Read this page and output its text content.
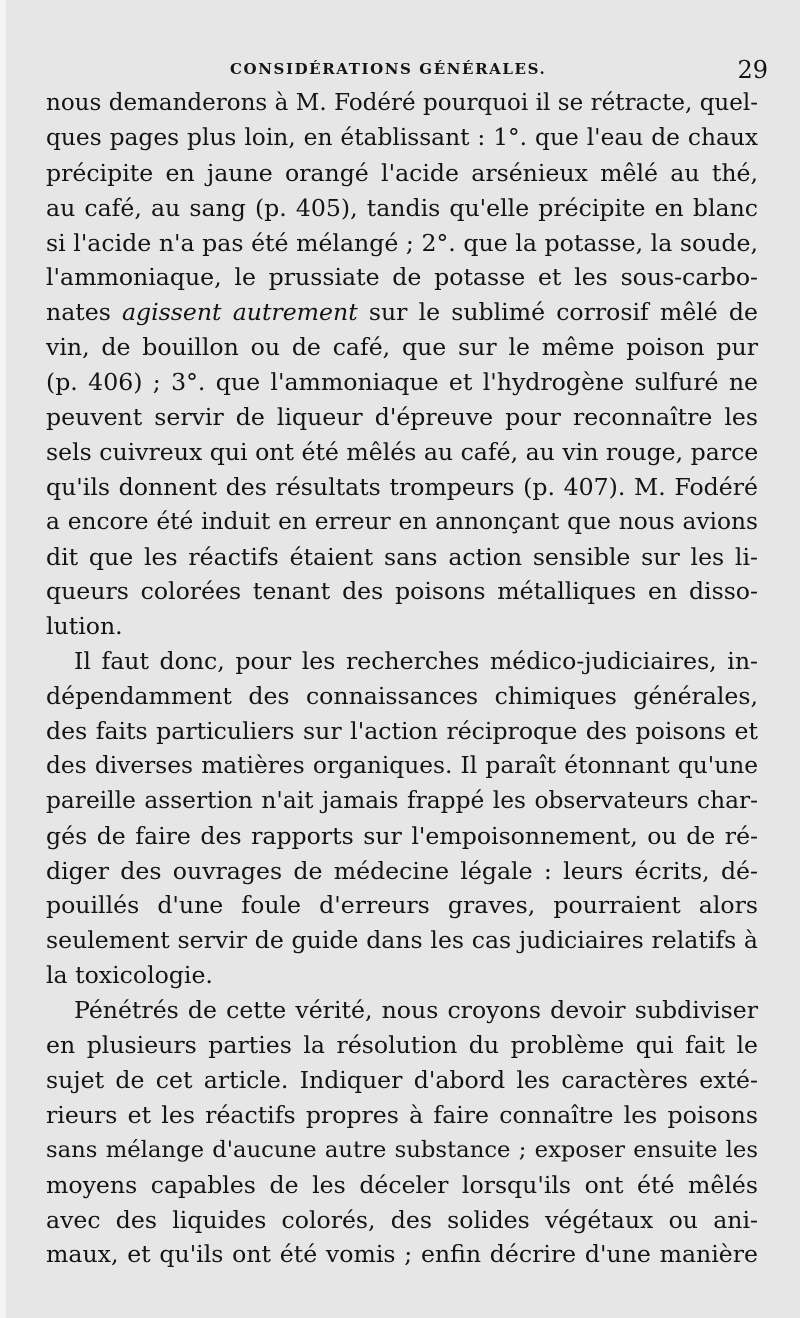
CONSIDÉRATIONS GÉNÉRALES.	29
nous demanderons à M. Fodéré pourquoi il se rétracte, quel-
ques pages plus loin, en établissant : 1°. que l'eau de chaux
précipite en jaune orangé l'acide arsénieux mêlé au thé,
au café, au sang (p. 405), tandis qu'elle précipite en blanc
si l'acide n'a pas été mélangé ; 2°. que la potasse, la soude,
l'ammoniaque, le prussiate de potasse et les sous-carbo-
nates agissent autrement sur le sublimé corrosif mêlé de
vin, de bouillon ou de café, que sur le même poison pur
(p. 406) ; 3°. que l'ammoniaque et l'hydrogène sulfuré ne
peuvent servir de liqueur d'épreuve pour reconnaître les
sels cuivreux qui ont été mêlés au café, au vin rouge, parce
qu'ils donnent des résultats trompeurs (p. 407). M. Fodéré
a encore été induit en erreur en annonçant que nous avions
dit que les réactifs étaient sans action sensible sur les li-
queurs colorées tenant des poisons métalliques en disso-
lution.
Il faut donc, pour les recherches médico-judiciaires, in-
dépendamment des connaissances chimiques générales,
des faits particuliers sur l'action réciproque des poisons et
des diverses matières organiques. Il paraît étonnant qu'une
pareille assertion n'ait jamais frappé les observateurs char-
gés de faire des rapports sur l'empoisonnement, ou de ré-
diger des ouvrages de médecine légale : leurs écrits, dé-
pouillés d'une foule d'erreurs graves, pourraient alors
seulement servir de guide dans les cas judiciaires relatifs à
la toxicologie.
Pénétrés de cette vérité, nous croyons devoir subdiviser
en plusieurs parties la résolution du problème qui fait le
sujet de cet article. Indiquer d'abord les caractères exté-
rieurs et les réactifs propres à faire connaître les poisons
sans mélange d'aucune autre substance ; exposer ensuite les
moyens capables de les déceler lorsqu'ils ont été mêlés
avec des liquides colorés, des solides végétaux ou ani-
maux, et qu'ils ont été vomis ; enfin décrire d'une manière
